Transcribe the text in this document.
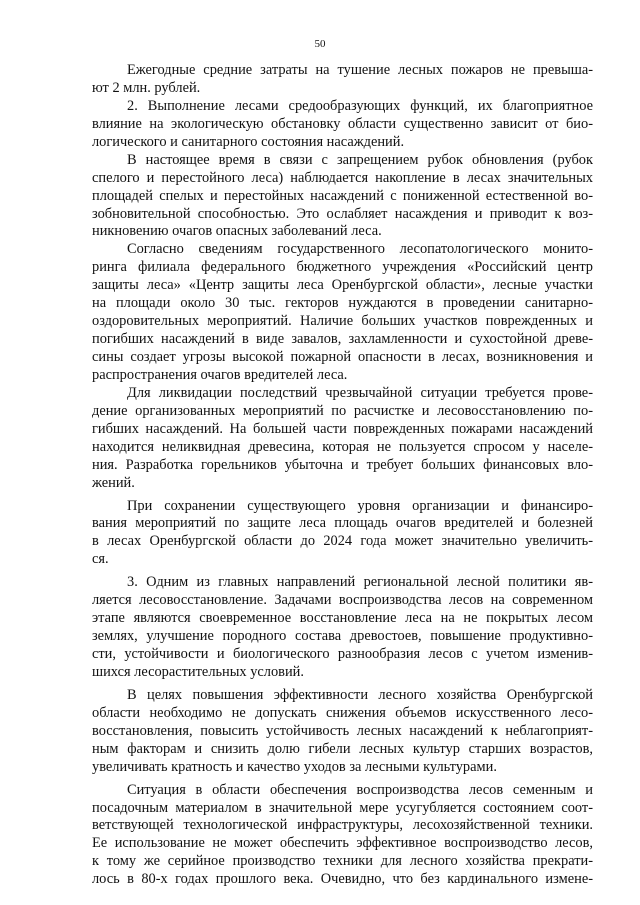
50
Ежегодные средние затраты на тушение лесных пожаров не превыша-
ют 2 млн. рублей.
2. Выполнение лесами средообразующих функций, их благоприятное
влияние на экологическую обстановку области существенно зависит от био-
логического и санитарного состояния насаждений.
В настоящее время в связи с запрещением рубок обновления (рубок
спелого и перестойного леса) наблюдается накопление в лесах значительных
площадей спелых и перестойных насаждений с пониженной естественной во-
зобновительной способностью. Это ослабляет насаждения и приводит к воз-
никновению очагов опасных заболеваний леса.
Согласно сведениям государственного лесопатологического монито-
ринга филиала федерального бюджетного учреждения «Российский центр
защиты леса» «Центр защиты леса Оренбургской области», лесные участки
на площади около 30 тыс. гекторов нуждаются в проведении санитарно-
оздоровительных мероприятий. Наличие больших участков поврежденных и
погибших насаждений в виде завалов, захламленности и сухостойной древе-
сины создает угрозы высокой пожарной опасности в лесах, возникновения и
распространения очагов вредителей леса.
Для ликвидации последствий чрезвычайной ситуации требуется прове-
дение организованных мероприятий по расчистке и лесовосстановлению по-
гибших насаждений. На большей части поврежденных пожарами насаждений
находится неликвидная древесина, которая не пользуется спросом у населе-
ния. Разработка горельников убыточна и требует больших финансовых вло-
жений.
При сохранении существующего уровня организации и финансиро-
вания мероприятий по защите леса площадь очагов вредителей и болезней
в лесах Оренбургской области до 2024 года может значительно увеличить-
ся.
3. Одним из главных направлений региональной лесной политики яв-
ляется лесовосстановление. Задачами воспроизводства лесов на современном
этапе являются своевременное восстановление леса на не покрытых лесом
землях, улучшение породного состава древостоев, повышение продуктивно-
сти, устойчивости и биологического разнообразия лесов с учетом изменив-
шихся лесорастительных условий.
В целях повышения эффективности лесного хозяйства Оренбургской
области необходимо не допускать снижения объемов искусственного лесо-
восстановления, повысить устойчивость лесных насаждений к неблагоприят-
ным факторам и снизить долю гибели лесных культур старших возрастов,
увеличивать кратность и качество уходов за лесными культурами.
Ситуация в области обеспечения воспроизводства лесов семенным и
посадочным материалом в значительной мере усугубляется состоянием соот-
ветствующей технологической инфраструктуры, лесохозяйственной техники.
Ее использование не может обеспечить эффективное воспроизводство лесов,
к тому же серийное производство техники для лесного хозяйства прекрати-
лось в 80-х годах прошлого века. Очевидно, что без кардинального измене-
